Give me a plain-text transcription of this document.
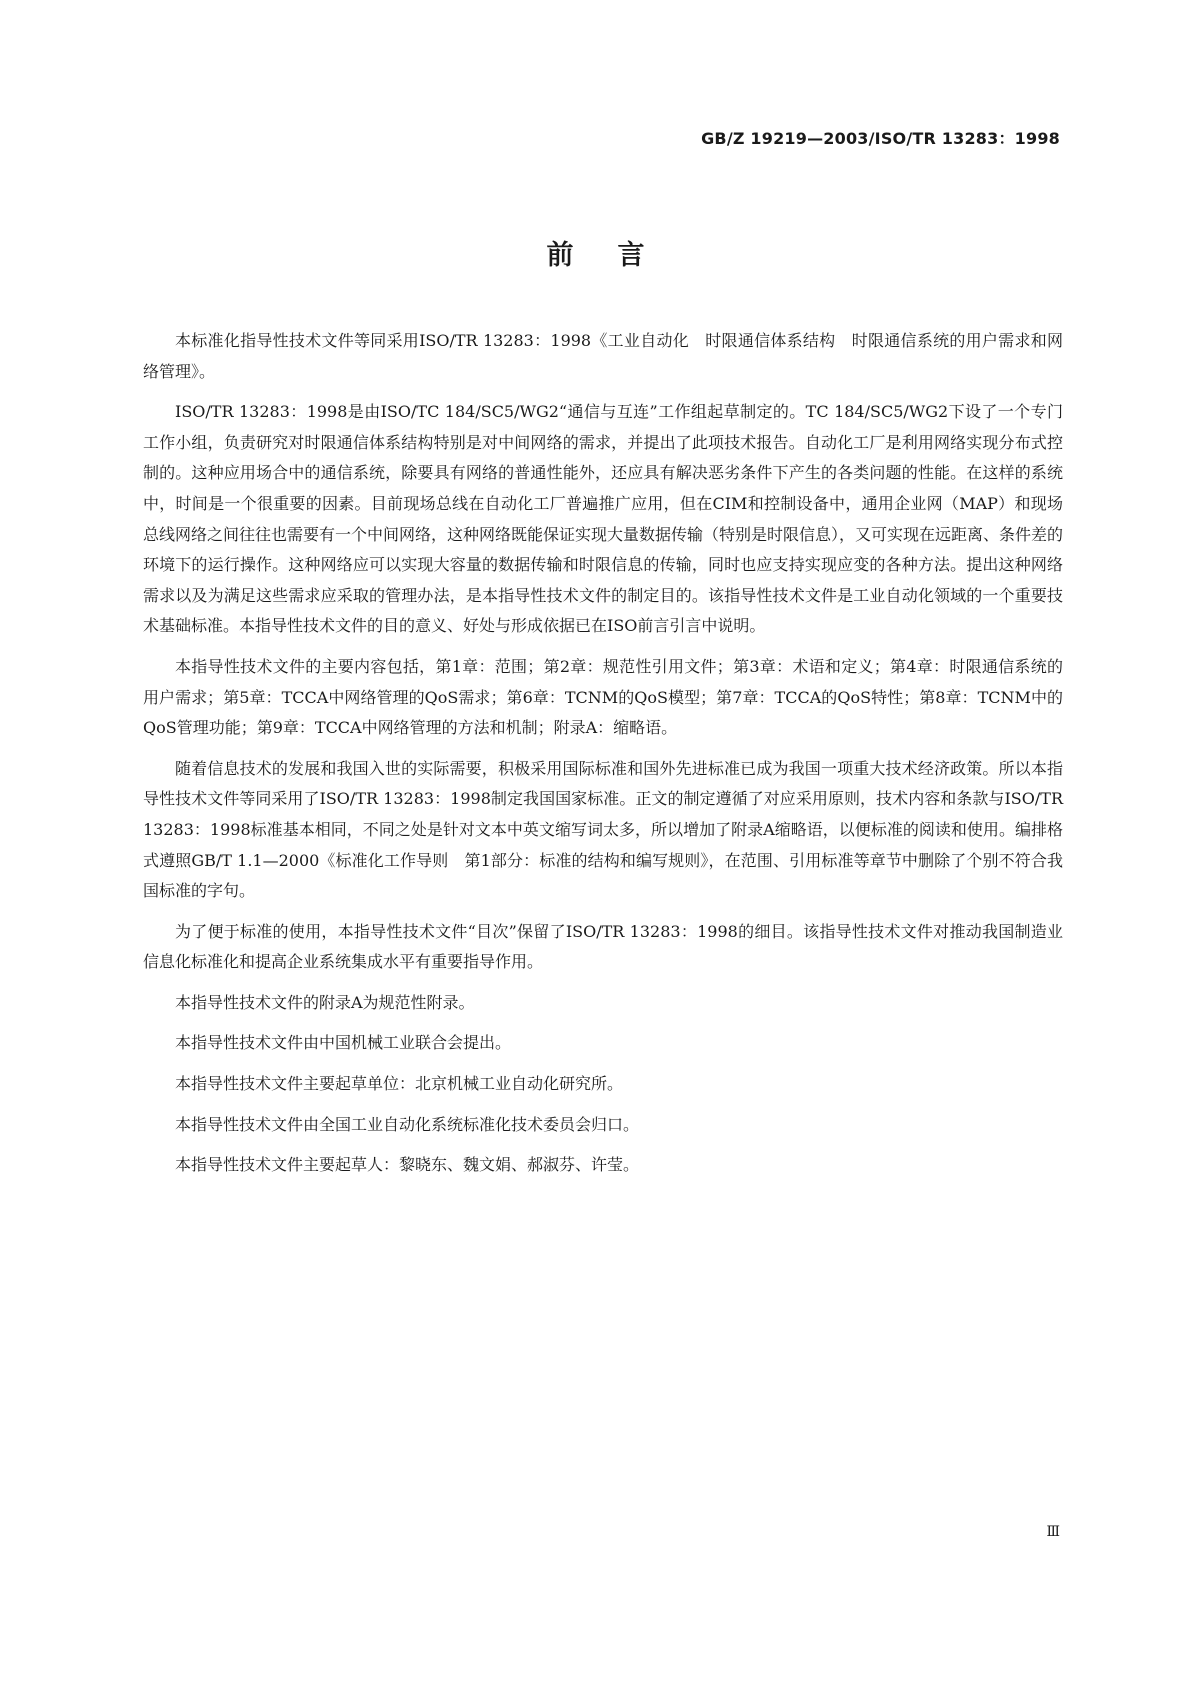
GB/Z 19219—2003/ISO/TR 13283：1998
前言

本标准化指导性技术文件等同采用ISO/TR 13283：1998《工业自动化　时限通信体系结构　时限通信系统的用户需求和网络管理》。

ISO/TR 13283：1998是由ISO/TC 184/SC5/WG2“通信与互连”工作组起草制定的。TC 184/SC5/WG2下设了一个专门工作小组，负责研究对时限通信体系结构特别是对中间网络的需求，并提出了此项技术报告。自动化工厂是利用网络实现分布式控制的。这种应用场合中的通信系统，除要具有网络的普通性能外，还应具有解决恶劣条件下产生的各类问题的性能。在这样的系统中，时间是一个很重要的因素。目前现场总线在自动化工厂普遍推广应用，但在CIM和控制设备中，通用企业网（MAP）和现场总线网络之间往往也需要有一个中间网络，这种网络既能保证实现大量数据传输（特别是时限信息），又可实现在远距离、条件差的环境下的运行操作。这种网络应可以实现大容量的数据传输和时限信息的传输，同时也应支持实现应变的各种方法。提出这种网络需求以及为满足这些需求应采取的管理办法，是本指导性技术文件的制定目的。该指导性技术文件是工业自动化领域的一个重要技术基础标准。本指导性技术文件的目的意义、好处与形成依据已在ISO前言引言中说明。

本指导性技术文件的主要内容包括，第1章：范围；第2章：规范性引用文件；第3章：术语和定义；第4章：时限通信系统的用户需求；第5章：TCCA中网络管理的QoS需求；第6章：TCNM的QoS模型；第7章：TCCA的QoS特性；第8章：TCNM中的QoS管理功能；第9章：TCCA中网络管理的方法和机制；附录A：缩略语。

随着信息技术的发展和我国入世的实际需要，积极采用国际标准和国外先进标准已成为我国一项重大技术经济政策。所以本指导性技术文件等同采用了ISO/TR 13283：1998制定我国国家标准。正文的制定遵循了对应采用原则，技术内容和条款与ISO/TR 13283：1998标准基本相同，不同之处是针对文本中英文缩写词太多，所以增加了附录A缩略语，以便标准的阅读和使用。编排格式遵照GB/T 1.1—2000《标准化工作导则　第1部分：标准的结构和编写规则》，在范围、引用标准等章节中删除了个别不符合我国标准的字句。

为了便于标准的使用，本指导性技术文件“目次”保留了ISO/TR 13283：1998的细目。该指导性技术文件对推动我国制造业信息化标准化和提高企业系统集成水平有重要指导作用。

本指导性技术文件的附录A为规范性附录。

本指导性技术文件由中国机械工业联合会提出。

本指导性技术文件主要起草单位：北京机械工业自动化研究所。

本指导性技术文件由全国工业自动化系统标准化技术委员会归口。

本指导性技术文件主要起草人：黎晓东、魏文娟、郝淑芬、许莹。

Ⅲ
